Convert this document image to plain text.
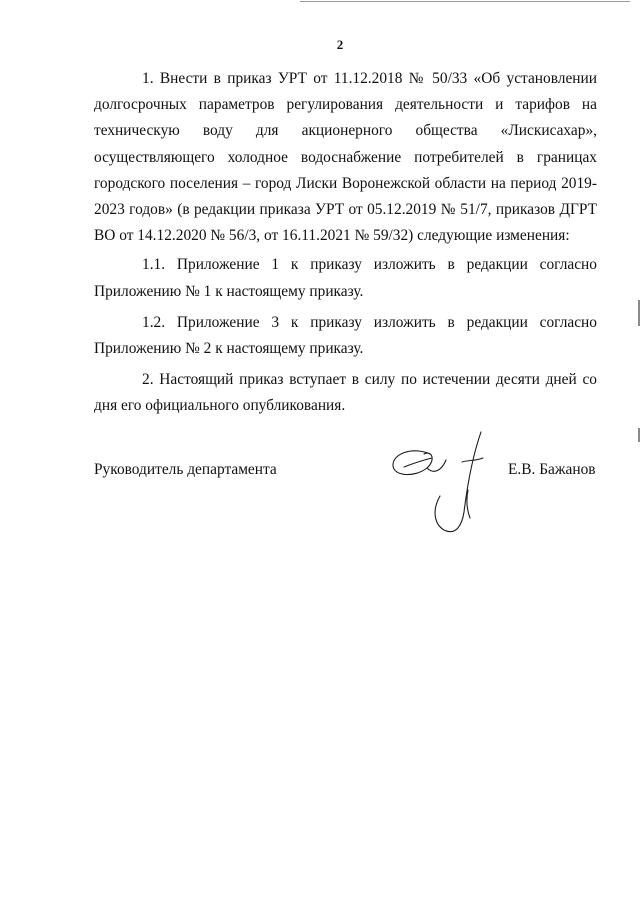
2

1. Внести в приказ УРТ от 11.12.2018 № 50/33 «Об установлении долгосрочных параметров регулирования деятельности и тарифов на техническую воду для акционерного общества «Лискисахар», осуществляющего холодное водоснабжение потребителей в границах городского поселения – город Лиски Воронежской области на период 2019-2023 годов» (в редакции приказа УРТ от 05.12.2019 № 51/7, приказов ДГРТ ВО от 14.12.2020 № 56/3, от 16.11.2021 № 59/32) следующие изменения:

1.1. Приложение 1 к приказу изложить в редакции согласно Приложению № 1 к настоящему приказу.

1.2. Приложение 3 к приказу изложить в редакции согласно Приложению № 2 к настоящему приказу.

2. Настоящий приказ вступает в силу по истечении десяти дней со дня его официального опубликования.

Руководитель департамента	Е.В. Бажанов
